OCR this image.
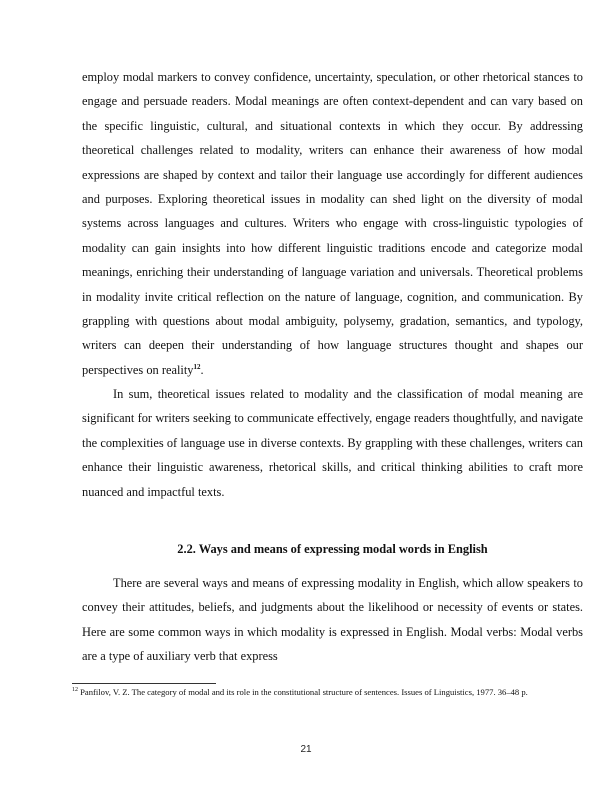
employ modal markers to convey confidence, uncertainty, speculation, or other rhetorical stances to engage and persuade readers. Modal meanings are often context-dependent and can vary based on the specific linguistic, cultural, and situational contexts in which they occur. By addressing theoretical challenges related to modality, writers can enhance their awareness of how modal expressions are shaped by context and tailor their language use accordingly for different audiences and purposes. Exploring theoretical issues in modality can shed light on the diversity of modal systems across languages and cultures. Writers who engage with cross-linguistic typologies of modality can gain insights into how different linguistic traditions encode and categorize modal meanings, enriching their understanding of language variation and universals. Theoretical problems in modality invite critical reflection on the nature of language, cognition, and communication. By grappling with questions about modal ambiguity, polysemy, gradation, semantics, and typology, writers can deepen their understanding of how language structures thought and shapes our perspectives on reality$^{12}$.
In sum, theoretical issues related to modality and the classification of modal meaning are significant for writers seeking to communicate effectively, engage readers thoughtfully, and navigate the complexities of language use in diverse contexts. By grappling with these challenges, writers can enhance their linguistic awareness, rhetorical skills, and critical thinking abilities to craft more nuanced and impactful texts.
2.2. Ways and means of expressing modal words in English
There are several ways and means of expressing modality in English, which allow speakers to convey their attitudes, beliefs, and judgments about the likelihood or necessity of events or states. Here are some common ways in which modality is expressed in English. Modal verbs: Modal verbs are a type of auxiliary verb that express
$^{12}$ Panfilov, V. Z. The category of modal and its role in the constitutional structure of sentences. Issues of Linguistics, 1977. 36–48 p.
21
